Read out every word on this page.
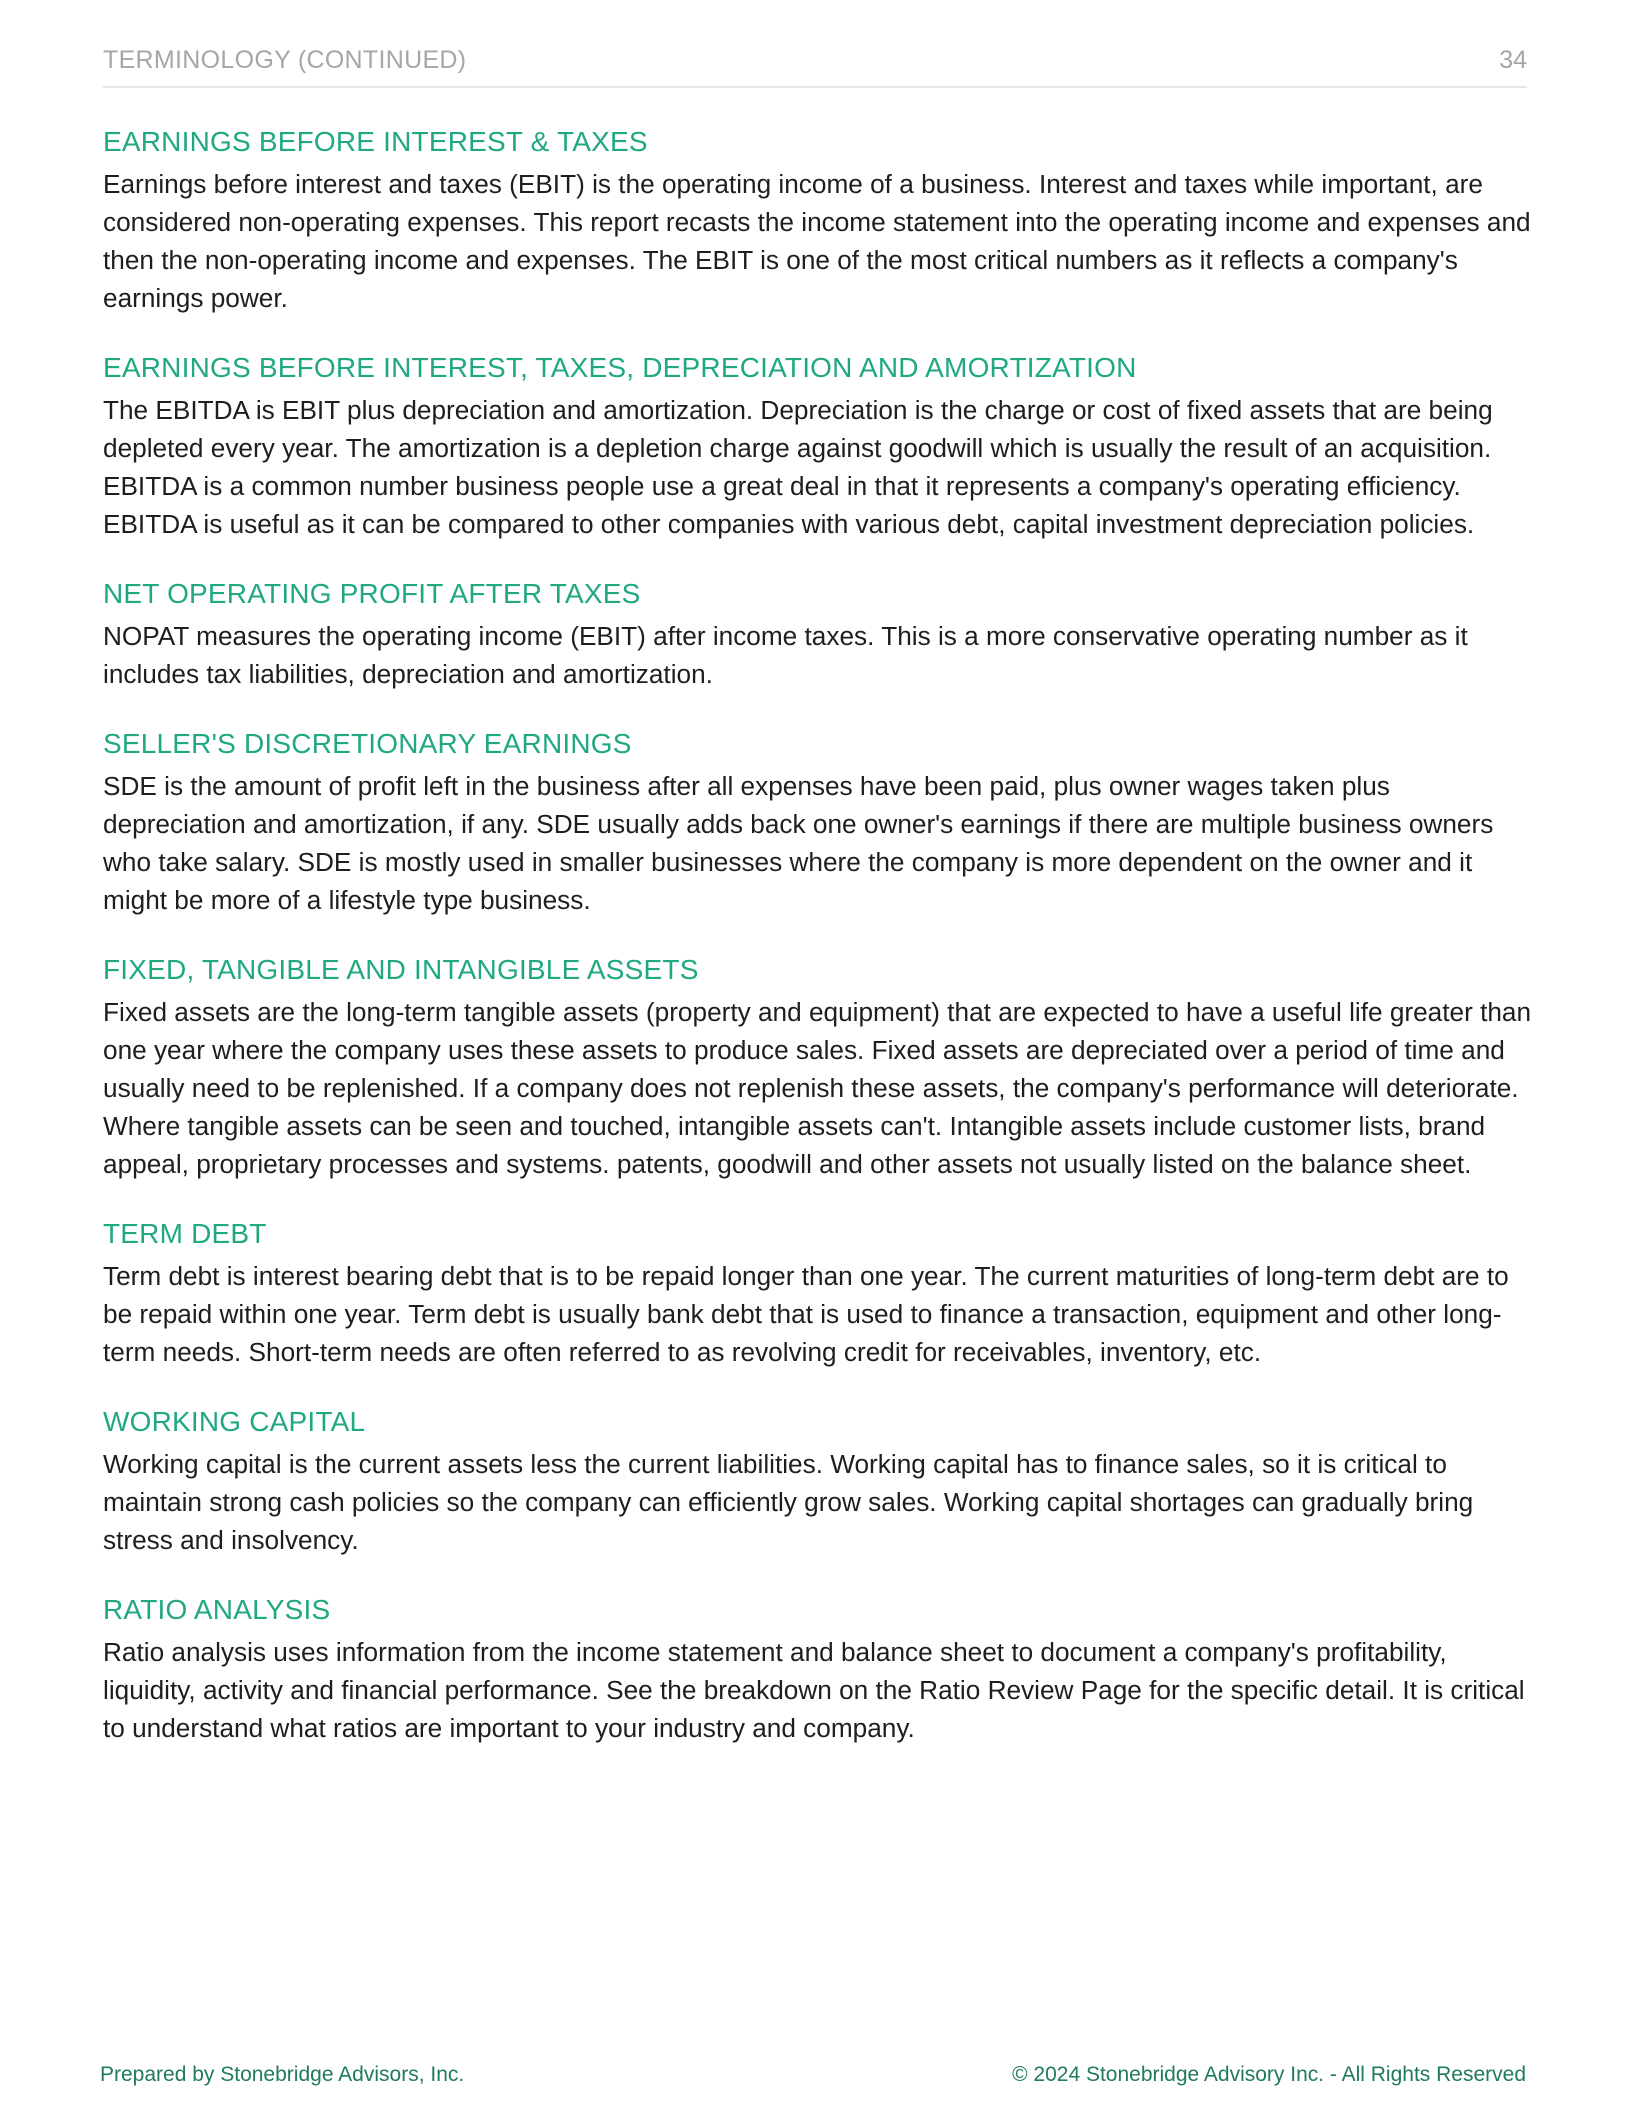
TERMINOLOGY (CONTINUED)	34
EARNINGS BEFORE INTEREST & TAXES

Earnings before interest and taxes (EBIT) is the operating income of a business. Interest and taxes while important, are considered non-operating expenses. This report recasts the income statement into the operating income and expenses and then the non-operating income and expenses. The EBIT is one of the most critical numbers as it reflects a company's earnings power.

EARNINGS BEFORE INTEREST, TAXES, DEPRECIATION AND AMORTIZATION

The EBITDA is EBIT plus depreciation and amortization. Depreciation is the charge or cost of fixed assets that are being depleted every year. The amortization is a depletion charge against goodwill which is usually the result of an acquisition. EBITDA is a common number business people use a great deal in that it represents a company's operating efficiency. EBITDA is useful as it can be compared to other companies with various debt, capital investment depreciation policies.

NET OPERATING PROFIT AFTER TAXES

NOPAT measures the operating income (EBIT) after income taxes. This is a more conservative operating number as it includes tax liabilities, depreciation and amortization.

SELLER'S DISCRETIONARY EARNINGS

SDE is the amount of profit left in the business after all expenses have been paid, plus owner wages taken plus depreciation and amortization, if any. SDE usually adds back one owner's earnings if there are multiple business owners who take salary. SDE is mostly used in smaller businesses where the company is more dependent on the owner and it might be more of a lifestyle type business.

FIXED, TANGIBLE AND INTANGIBLE ASSETS

Fixed assets are the long-term tangible assets (property and equipment) that are expected to have a useful life greater than one year where the company uses these assets to produce sales. Fixed assets are depreciated over a period of time and usually need to be replenished. If a company does not replenish these assets, the company's performance will deteriorate. Where tangible assets can be seen and touched, intangible assets can't. Intangible assets include customer lists, brand appeal, proprietary processes and systems. patents, goodwill and other assets not usually listed on the balance sheet.

TERM DEBT

Term debt is interest bearing debt that is to be repaid longer than one year. The current maturities of long-term debt are to be repaid within one year. Term debt is usually bank debt that is used to finance a transaction, equipment and other long-term needs. Short-term needs are often referred to as revolving credit for receivables, inventory, etc.

WORKING CAPITAL

Working capital is the current assets less the current liabilities. Working capital has to finance sales, so it is critical to maintain strong cash policies so the company can efficiently grow sales. Working capital shortages can gradually bring stress and insolvency.

RATIO ANALYSIS

Ratio analysis uses information from the income statement and balance sheet to document a company's profitability, liquidity, activity and financial performance. See the breakdown on the Ratio Review Page for the specific detail. It is critical to understand what ratios are important to your industry and company.

Prepared by Stonebridge Advisors, Inc.	© 2024 Stonebridge Advisory Inc. - All Rights Reserved
